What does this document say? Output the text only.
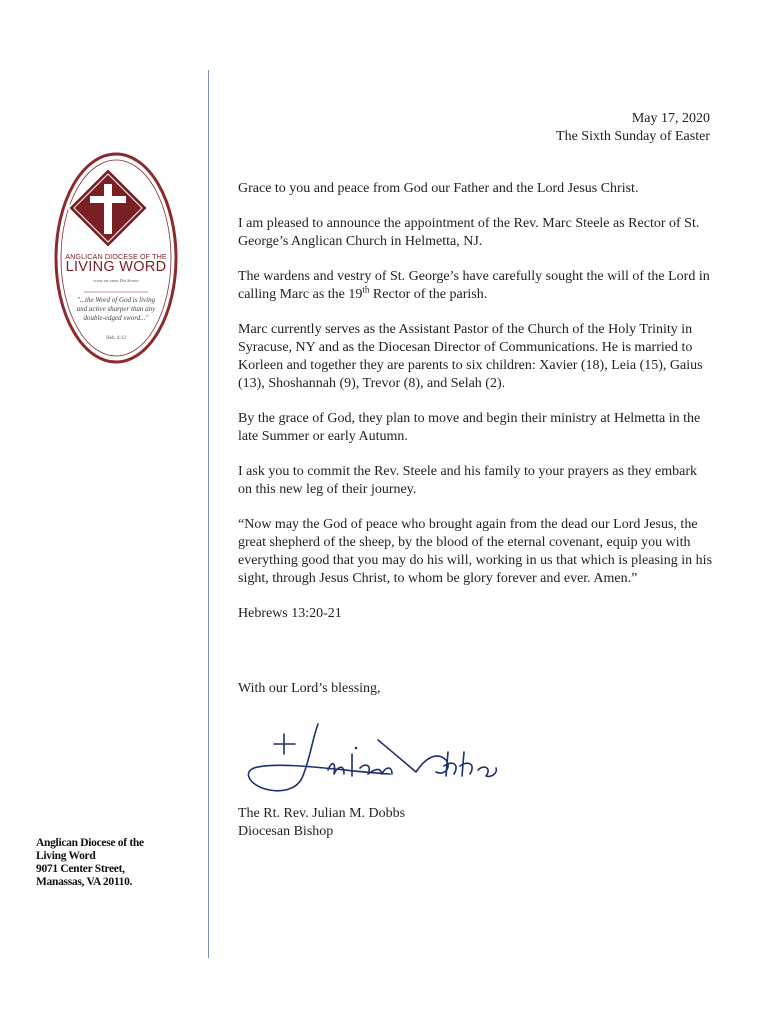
ANGLICAN DIOCESE OF THE
LIVING WORD
vivus est enim Dei Sermo
"...the Word of God is living and active sharper than any double-edged sword..."
Heb. 4:12
May 17, 2020
The Sixth Sunday of Easter

Grace to you and peace from God our Father and the Lord Jesus Christ.

I am pleased to announce the appointment of the Rev. Marc Steele as Rector of St. George’s Anglican Church in Helmetta, NJ.

The wardens and vestry of St. George’s have carefully sought the will of the Lord in calling Marc as the 19th Rector of the parish.

Marc currently serves as the Assistant Pastor of the Church of the Holy Trinity in Syracuse, NY and as the Diocesan Director of Communications. He is married to Korleen and together they are parents to six children: Xavier (18), Leia (15), Gaius (13), Shoshannah (9), Trevor (8), and Selah (2).

By the grace of God, they plan to move and begin their ministry at Helmetta in the late Summer or early Autumn.

I ask you to commit the Rev. Steele and his family to your prayers as they embark on this new leg of their journey.

“Now may the God of peace who brought again from the dead our Lord Jesus, the great shepherd of the sheep, by the blood of the eternal covenant, equip you with everything good that you may do his will, working in us that which is pleasing in his sight, through Jesus Christ, to whom be glory forever and ever. Amen.”

Hebrews 13:20-21

With our Lord’s blessing,
The Rt. Rev. Julian M. Dobbs
Diocesan Bishop
Anglican Diocese of the
Living Word
9071 Center Street,
Manassas, VA 20110.
